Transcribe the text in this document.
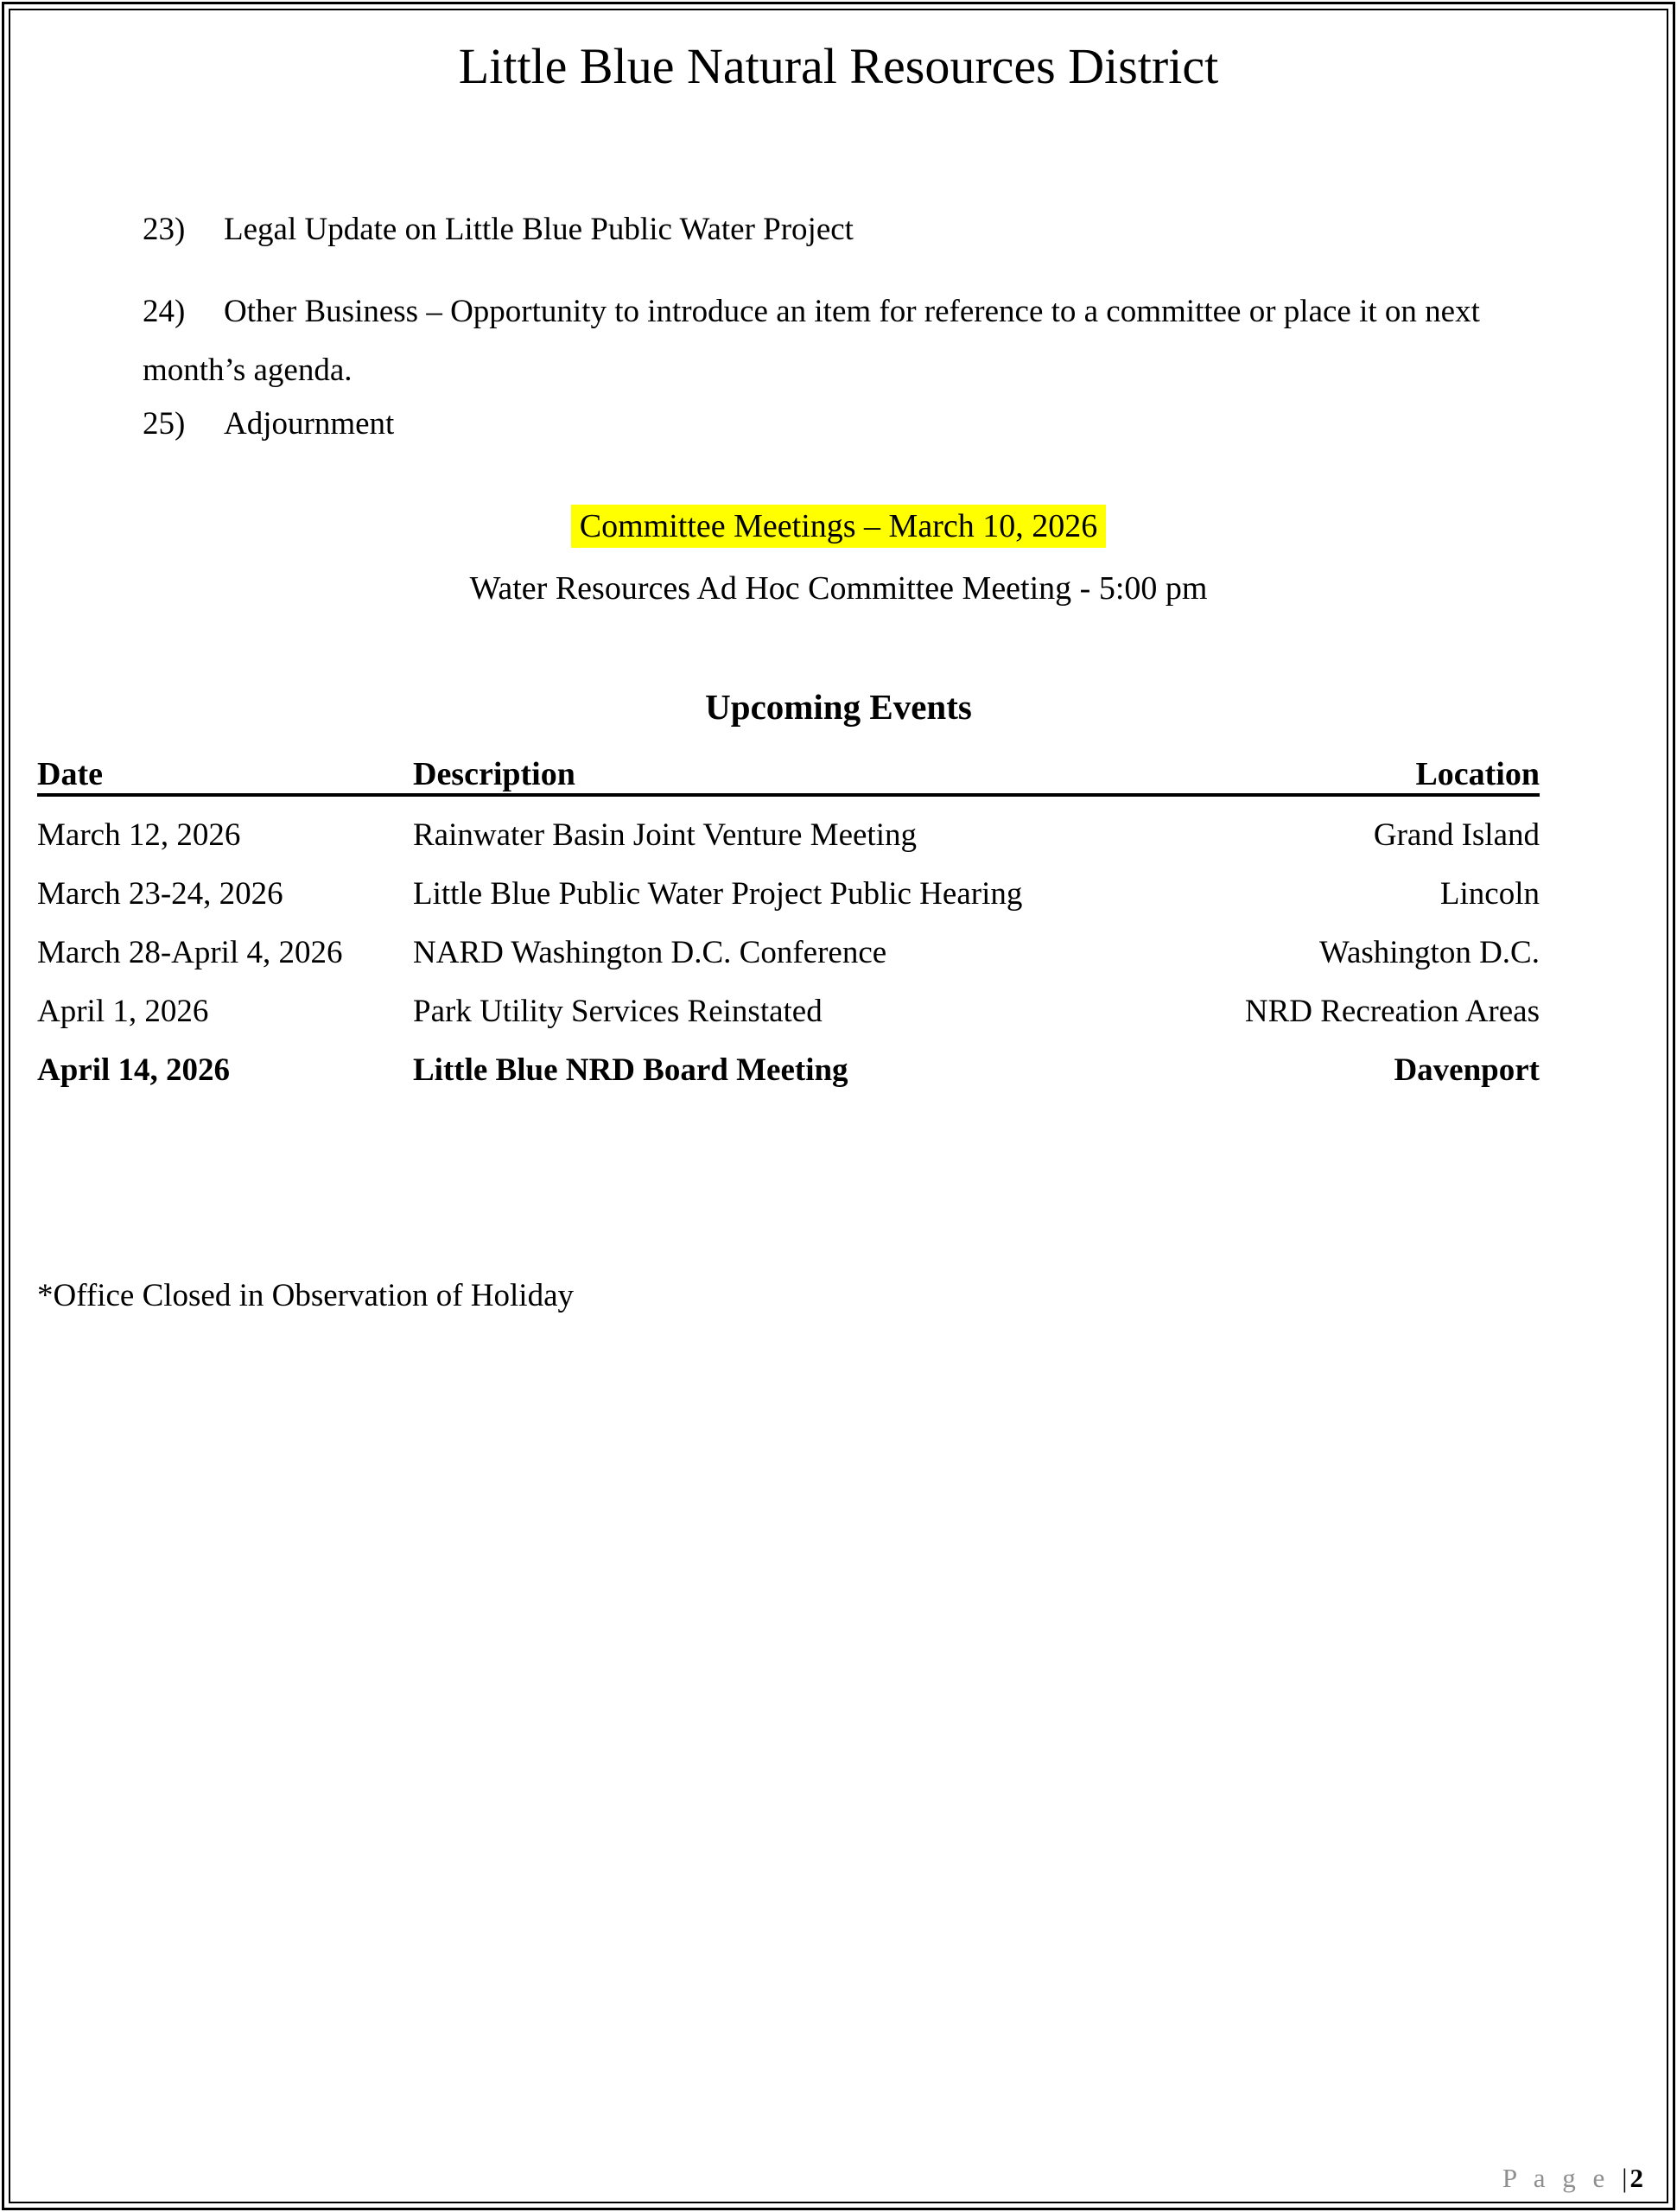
Little Blue Natural Resources District
23) Legal Update on Little Blue Public Water Project
24) Other Business – Opportunity to introduce an item for reference to a committee or place it on next
month’s agenda.
25) Adjournment
Committee Meetings – March 10, 2026
Water Resources Ad Hoc Committee Meeting - 5:00 pm
Upcoming Events
Date	Description	Location
March 12, 2026	Rainwater Basin Joint Venture Meeting	Grand Island
March 23-24, 2026	Little Blue Public Water Project Public Hearing	Lincoln
March 28-April 4, 2026	NARD Washington D.C. Conference	Washington D.C.
April 1, 2026	Park Utility Services Reinstated	NRD Recreation Areas
April 14, 2026	Little Blue NRD Board Meeting	Davenport
*Office Closed in Observation of Holiday
P a g e |2
